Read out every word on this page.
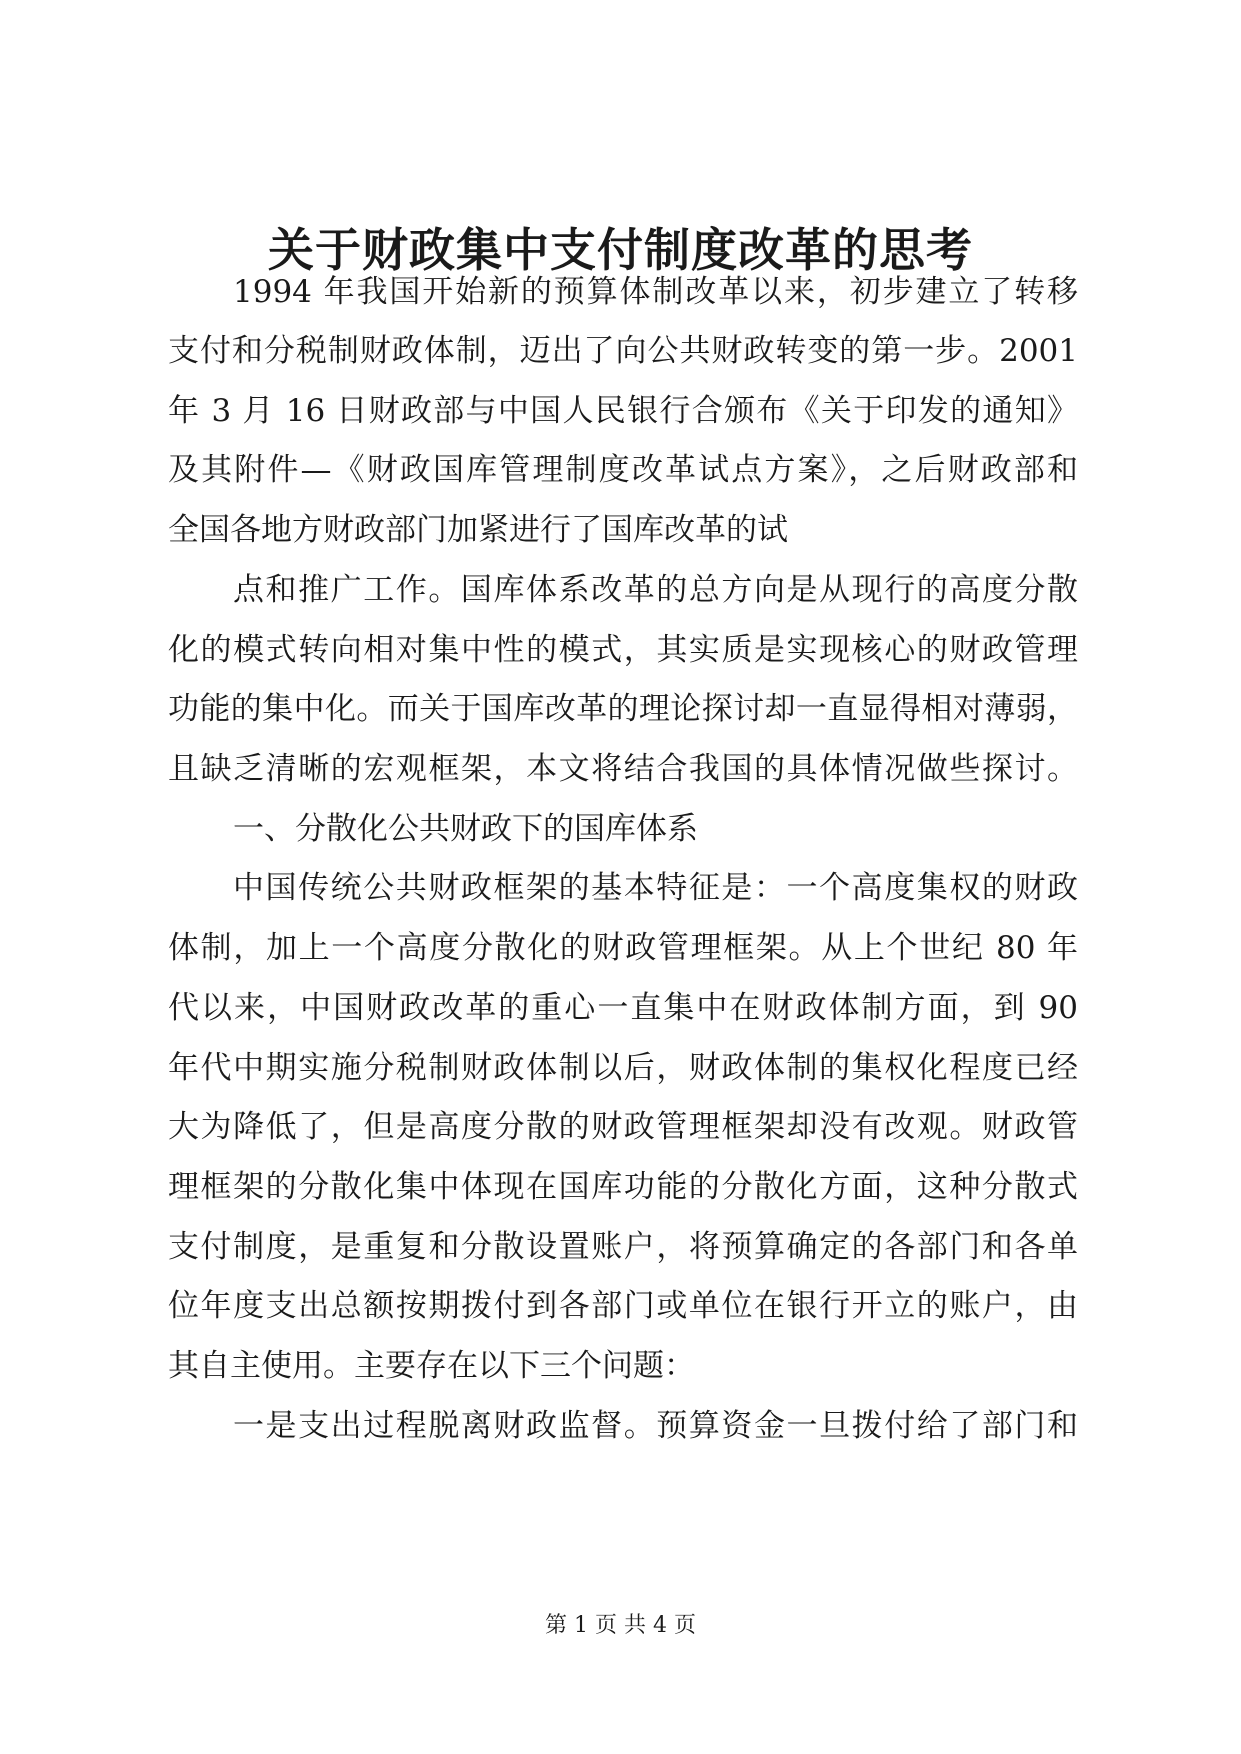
关于财政集中支付制度改革的思考

1994 年我国开始新的预算体制改革以来，初步建立了转移

支付和分税制财政体制，迈出了向公共财政转变的第一步。2001

年 3 月 16 日财政部与中国人民银行合颁布《关于印发的通知》

及其附件—《财政国库管理制度改革试点方案》，之后财政部和

全国各地方财政部门加紧进行了国库改革的试

点和推广工作。国库体系改革的总方向是从现行的高度分散

化的模式转向相对集中性的模式，其实质是实现核心的财政管理

功能的集中化。而关于国库改革的理论探讨却一直显得相对薄弱，

且缺乏清晰的宏观框架，本文将结合我国的具体情况做些探讨。

一、分散化公共财政下的国库体系

中国传统公共财政框架的基本特征是：一个高度集权的财政

体制，加上一个高度分散化的财政管理框架。从上个世纪 80 年

代以来，中国财政改革的重心一直集中在财政体制方面，到 90

年代中期实施分税制财政体制以后，财政体制的集权化程度已经

大为降低了，但是高度分散的财政管理框架却没有改观。财政管

理框架的分散化集中体现在国库功能的分散化方面，这种分散式

支付制度，是重复和分散设置账户，将预算确定的各部门和各单

位年度支出总额按期拨付到各部门或单位在银行开立的账户，由

其自主使用。主要存在以下三个问题：

一是支出过程脱离财政监督。预算资金一旦拨付给了部门和

第 1 页 共 4 页
